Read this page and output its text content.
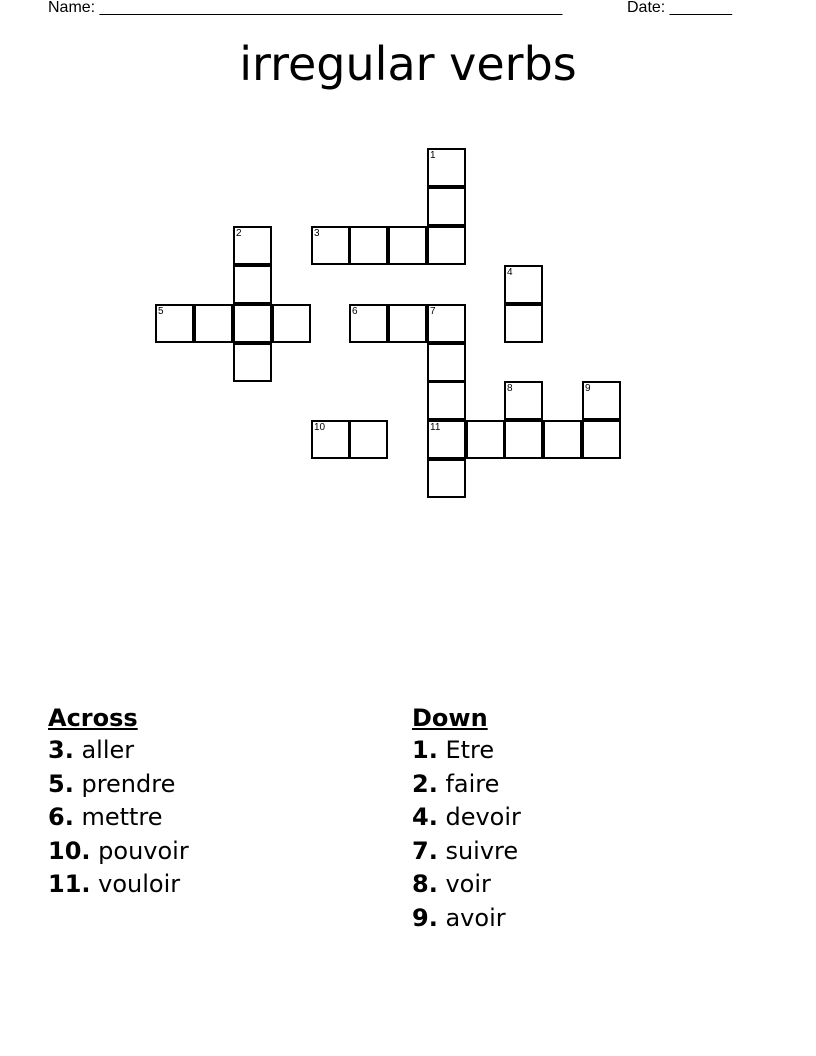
Name: ____________________________________________________	Date: _______
irregular verbs
1
3
2
5
4
6	7
8	9
10	11
Across
3. aller
5. prendre
6. mettre
10. pouvoir
11. vouloir
Down
1. Etre
2. faire
4. devoir
7. suivre
8. voir
9. avoir
